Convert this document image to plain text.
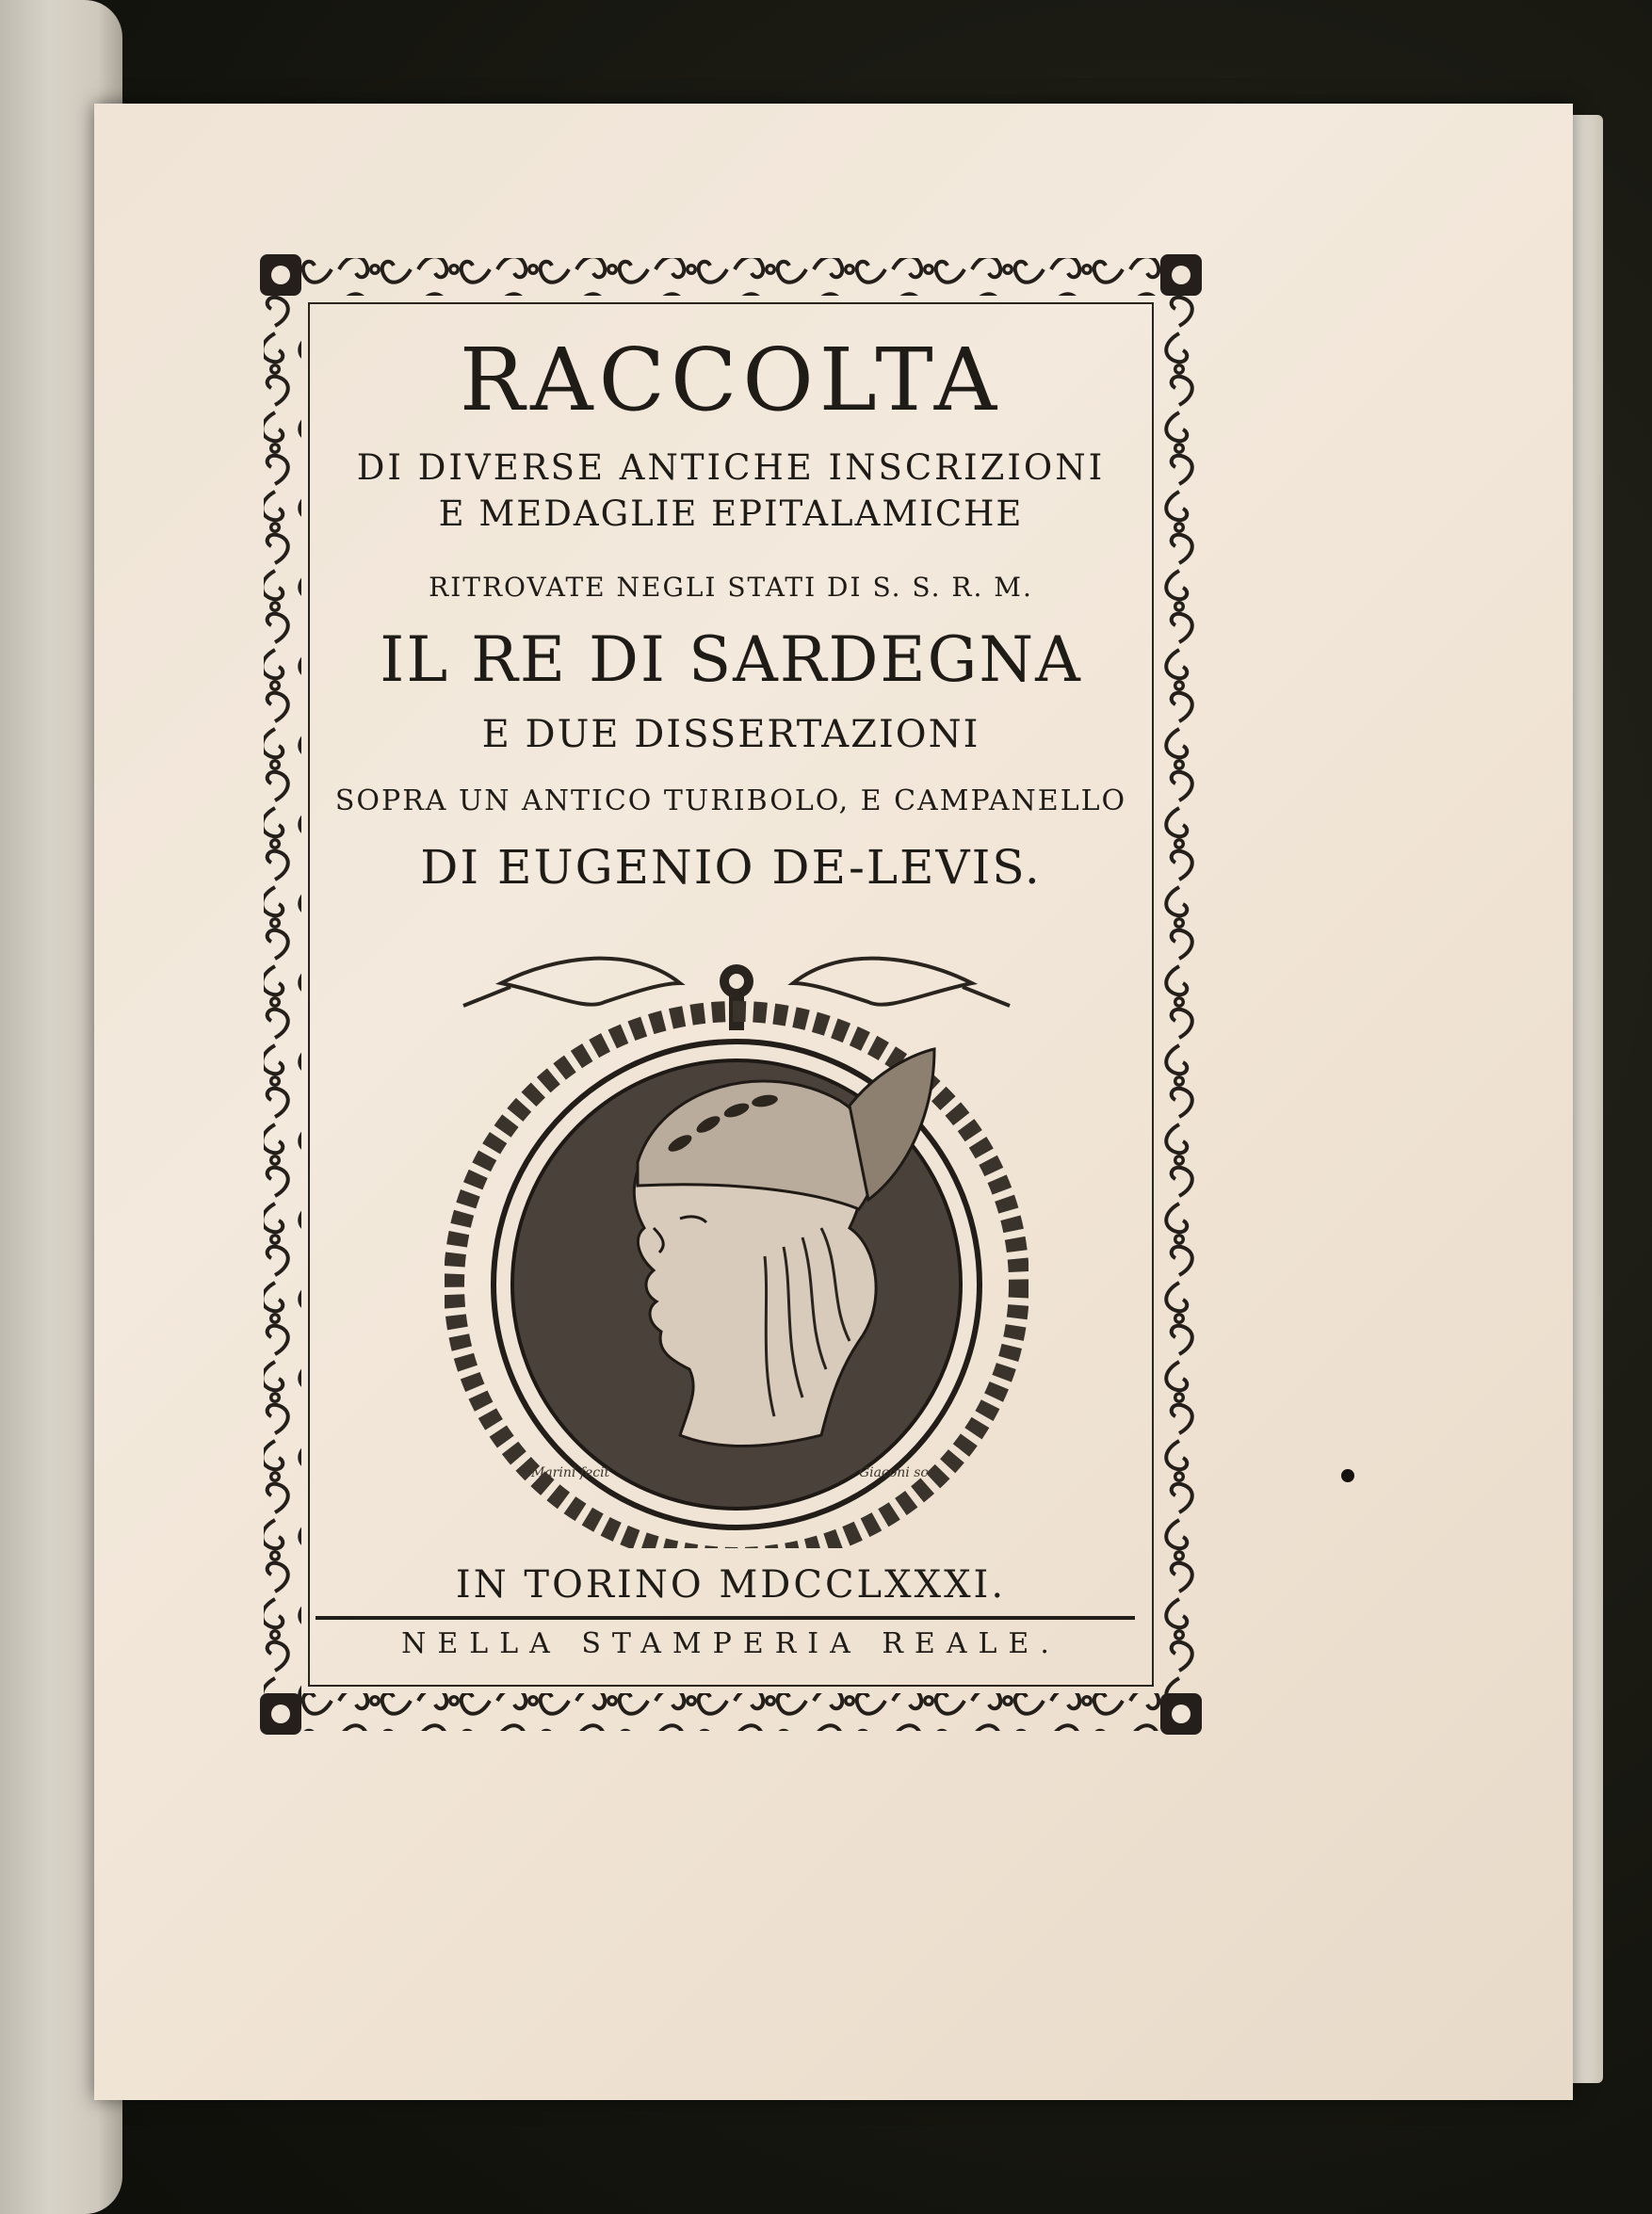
RACCOLTA
DI DIVERSE ANTICHE INSCRIZIONI
E MEDAGLIE EPITALAMICHE
RITROVATE NEGLI STATI DI S. S. R. M.
IL RE DI SARDEGNA
E DUE DISSERTAZIONI
SOPRA UN ANTICO TURIBOLO, E CAMPANELLO
DI EUGENIO DE-LEVIS.
Marini fecit	Giaconi sc
IN TORINO MDCCLXXXI.
NELLA STAMPERIA REALE.
